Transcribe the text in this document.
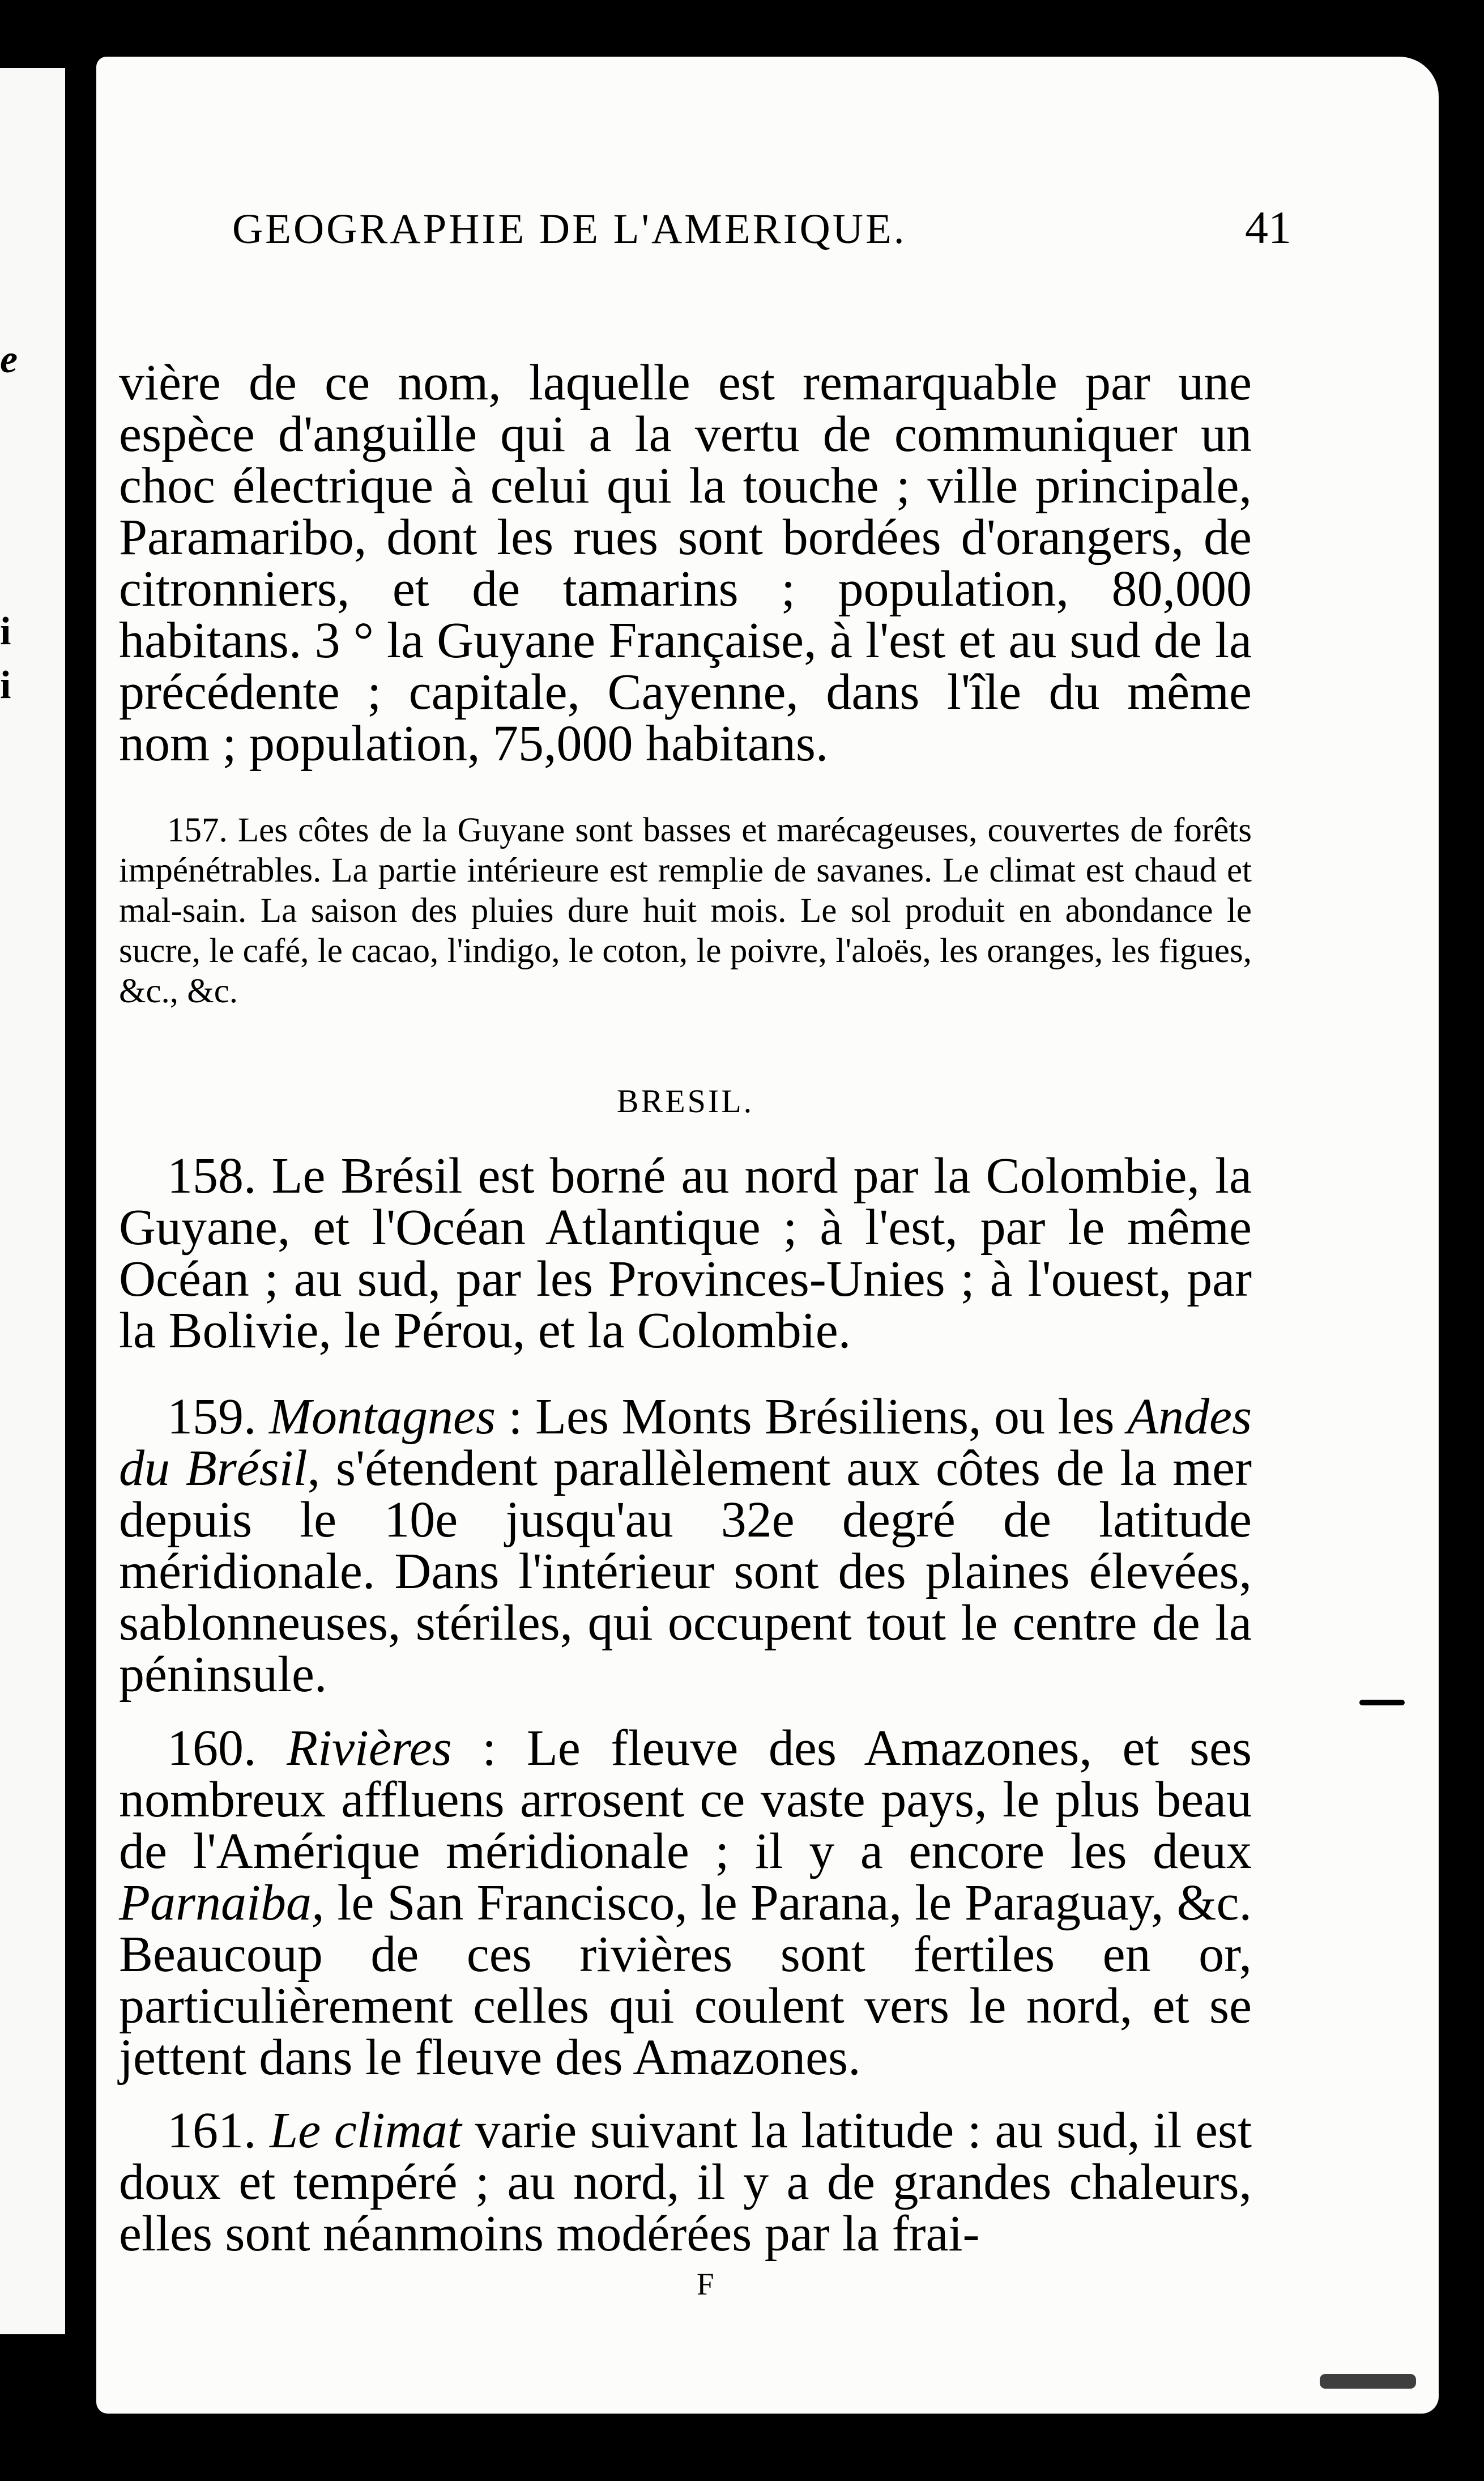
e
i
i
GEOGRAPHIE DE L'AMERIQUE.	41
vière de ce nom, laquelle est remarquable par une espèce d'anguille qui a la vertu de communiquer un choc électrique à celui qui la touche ; ville principale, Paramaribo, dont les rues sont bordées d'orangers, de citronniers, et de tamarins ; population, 80,000 habitans. 3 ° la Guyane Française, à l'est et au sud de la précédente ; capitale, Cayenne, dans l'île du même nom ; population, 75,000 habitans.
157. Les côtes de la Guyane sont basses et marécageuses, couvertes de forêts impénétrables. La partie intérieure est remplie de savanes. Le climat est chaud et mal-sain. La saison des pluies dure huit mois. Le sol produit en abondance le sucre, le café, le cacao, l'indigo, le coton, le poivre, l'aloës, les oranges, les figues, &c., &c.
BRESIL.
158. Le Brésil est borné au nord par la Colombie, la Guyane, et l'Océan Atlantique ; à l'est, par le même Océan ; au sud, par les Provinces-Unies ; à l'ouest, par la Bolivie, le Pérou, et la Colombie.
159. Montagnes : Les Monts Brésiliens, ou les Andes du Brésil, s'étendent parallèlement aux côtes de la mer depuis le 10e jusqu'au 32e degré de latitude méridionale. Dans l'intérieur sont des plaines élevées, sablonneuses, stériles, qui occupent tout le centre de la péninsule.
160. Rivières : Le fleuve des Amazones, et ses nombreux affluens arrosent ce vaste pays, le plus beau de l'Amérique méridionale ; il y a encore les deux Parnaiba, le San Francisco, le Parana, le Paraguay, &c. Beaucoup de ces rivières sont fertiles en or, particulièrement celles qui coulent vers le nord, et se jettent dans le fleuve des Amazones.
161. Le climat varie suivant la latitude : au sud, il est doux et tempéré ; au nord, il y a de grandes chaleurs, elles sont néanmoins modérées par la frai-
F
